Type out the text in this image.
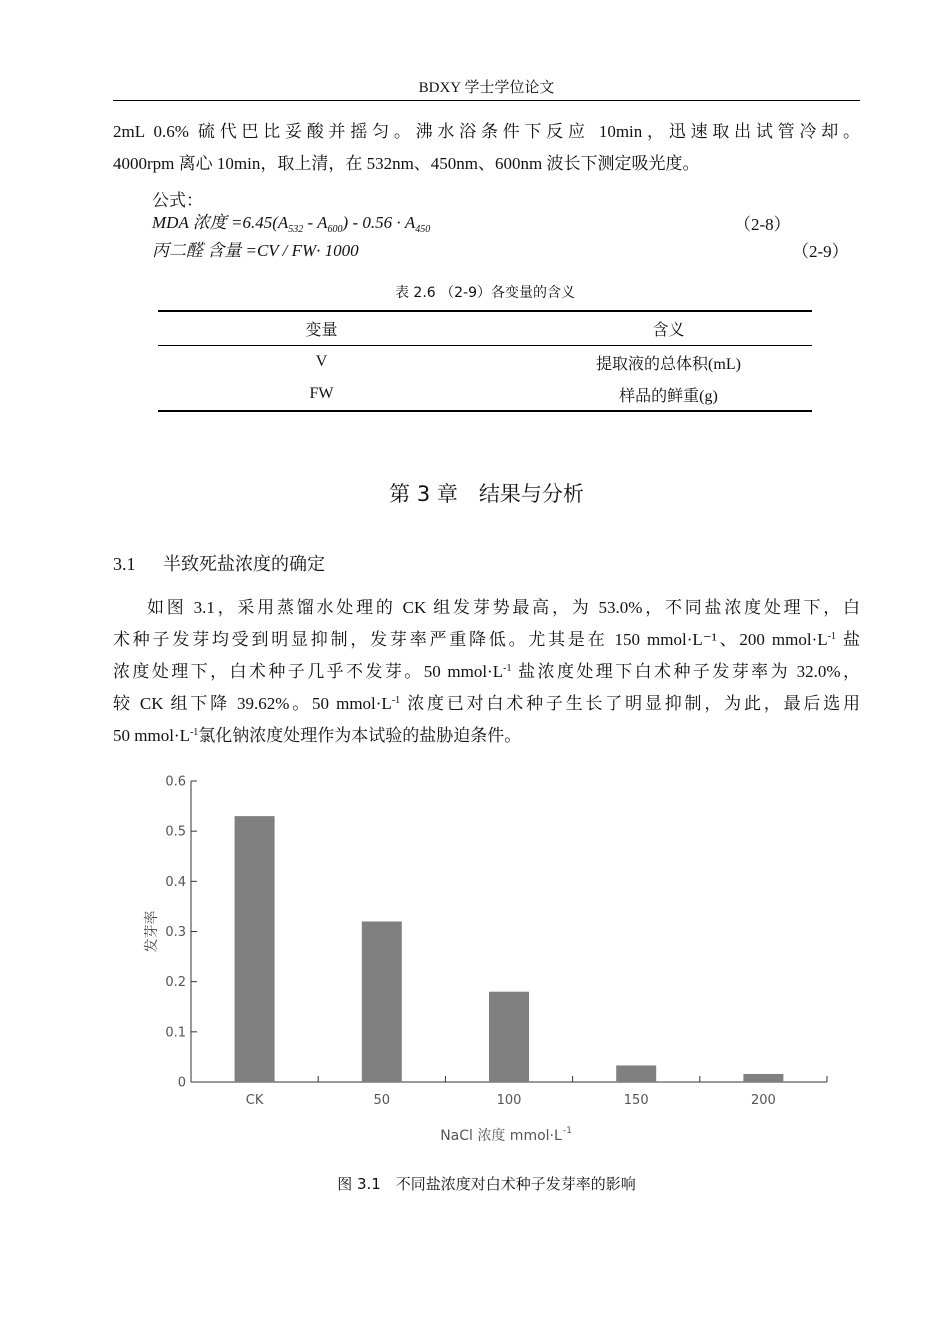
BDXY 学士学位论文

2mL 0.6% 硫代巴比妥酸并摇匀。沸水浴条件下反应 10min，迅速取出试管冷却。

4000rpm 离心 10min，取上清，在 532nm、450nm、600nm 波长下测定吸光度。

公式：
MDA 浓度 $=6.45(A_{532} - A_{600}) - 0.56 \cdot A_{450}$	（2-8）
丙二醛 含量 =CV / FW· 1000	（2-9）
表 2.6 （2-9）各变量的含义
变量	含义
V	提取液的总体积(mL)
FW	样品的鲜重(g)
第 3 章　结果与分析
3.1 半致死盐浓度的确定

如图 3.1，采用蒸馏水处理的 CK 组发芽势最高，为 53.0%，不同盐浓度处理下，白

术种子发芽均受到明显抑制，发芽率严重降低。尤其是在 150 mmol·L⁻¹、200 $mmol\cdot L^{-1}$ 盐

浓度处理下，白术种子几乎不发芽。50 $mmol\cdot L^{-1}$ 盐浓度处理下白术种子发芽率为 32.0%，

较 CK 组下降 39.62%。50 $mmol\cdot L^{-1}$ 浓度已对白术种子生长了明显抑制，为此，最后选用

50 $mmol\cdot L^{-1}$氯化钠浓度处理作为本试验的盐胁迫条件。

0
0.1
0.2
0.3
0.4
0.5
0.6
CK	50	100	150	200
发芽率
NaCl 浓度 mmol·L -1
图 3.1　不同盐浓度对白术种子发芽率的影响
